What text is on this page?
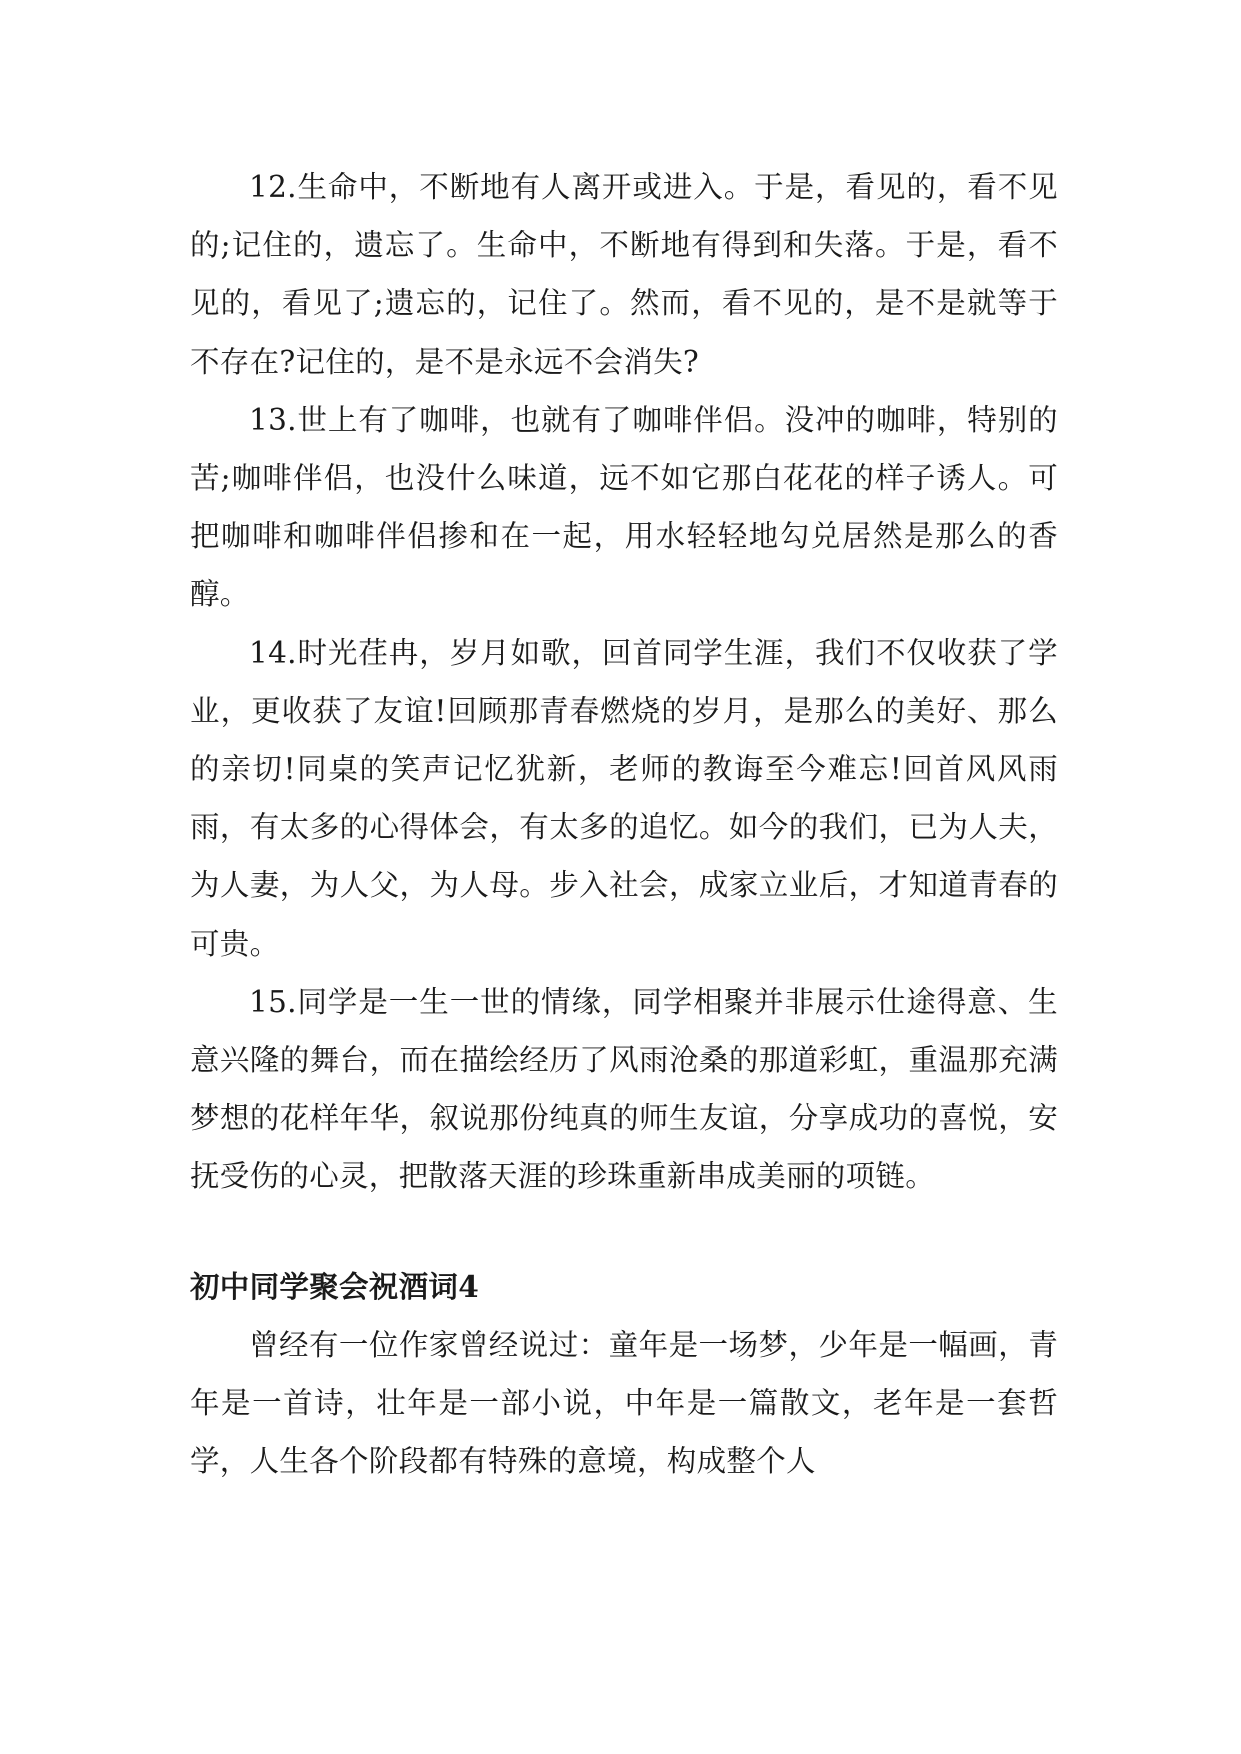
12.生命中，不断地有人离开或进入。于是，看见的，看不见的;记住的，遗忘了。生命中，不断地有得到和失落。于是，看不见的，看见了;遗忘的，记住了。然而，看不见的，是不是就等于不存在?记住的，是不是永远不会消失?

13.世上有了咖啡，也就有了咖啡伴侣。没冲的咖啡，特别的苦;咖啡伴侣，也没什么味道，远不如它那白花花的样子诱人。可把咖啡和咖啡伴侣掺和在一起，用水轻轻地勾兑居然是那么的香醇。

14.时光荏冉，岁月如歌，回首同学生涯，我们不仅收获了学业，更收获了友谊!回顾那青春燃烧的岁月，是那么的美好、那么的亲切!同桌的笑声记忆犹新，老师的教诲至今难忘!回首风风雨雨，有太多的心得体会，有太多的追忆。如今的我们，已为人夫，为人妻，为人父，为人母。步入社会，成家立业后，才知道青春的可贵。

15.同学是一生一世的情缘，同学相聚并非展示仕途得意、生意兴隆的舞台，而在描绘经历了风雨沧桑的那道彩虹，重温那充满梦想的花样年华，叙说那份纯真的师生友谊，分享成功的喜悦，安抚受伤的心灵，把散落天涯的珍珠重新串成美丽的项链。

初中同学聚会祝酒词4

曾经有一位作家曾经说过：童年是一场梦，少年是一幅画，青年是一首诗，壮年是一部小说，中年是一篇散文，老年是一套哲学，人生各个阶段都有特殊的意境，构成整个人
